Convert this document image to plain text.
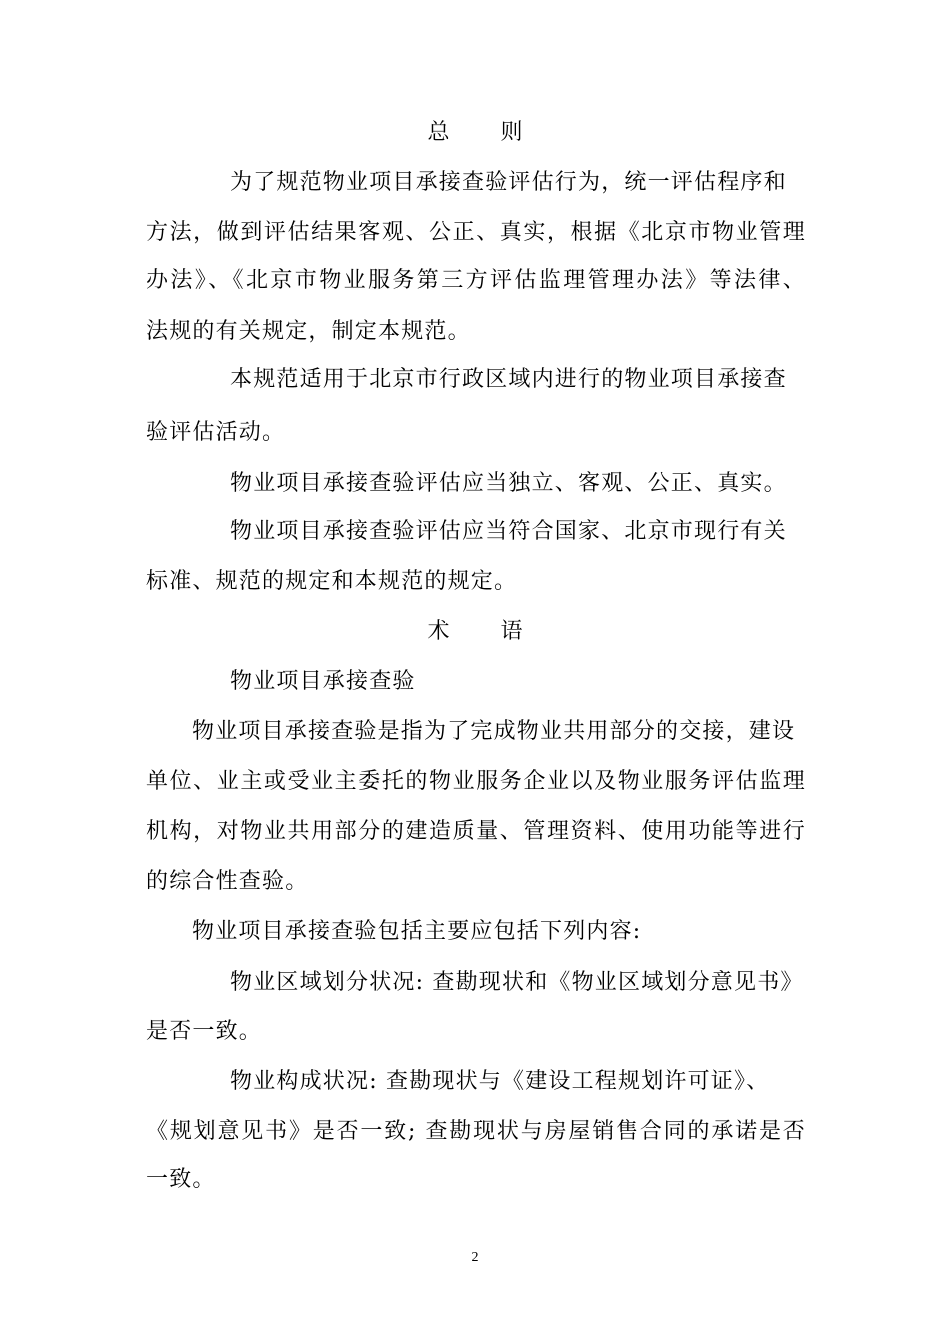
总 则
为了规范物业项目承接查验评估行为，统一评估程序和
方法，做到评估结果客观、公正、真实，根据《北京市物业管理
办法》、《北京市物业服务第三方评估监理管理办法》等法律、
法规的有关规定，制定本规范。
本规范适用于北京市行政区域内进行的物业项目承接查
验评估活动。
物业项目承接查验评估应当独立、客观、公正、真实。
物业项目承接查验评估应当符合国家、北京市现行有关
标准、规范的规定和本规范的规定。
术 语
物业项目承接查验
物业项目承接查验是指为了完成物业共用部分的交接，建设
单位、业主或受业主委托的物业服务企业以及物业服务评估监理
机构，对物业共用部分的建造质量、管理资料、使用功能等进行
的综合性查验。
物业项目承接查验包括主要应包括下列内容:
物业区域划分状况: 查勘现状和《物业区域划分意见书》
是否一致。
物业构成状况: 查勘现状与《建设工程规划许可证》、
《规划意见书》是否一致; 查勘现状与房屋销售合同的承诺是否
一致。
2
